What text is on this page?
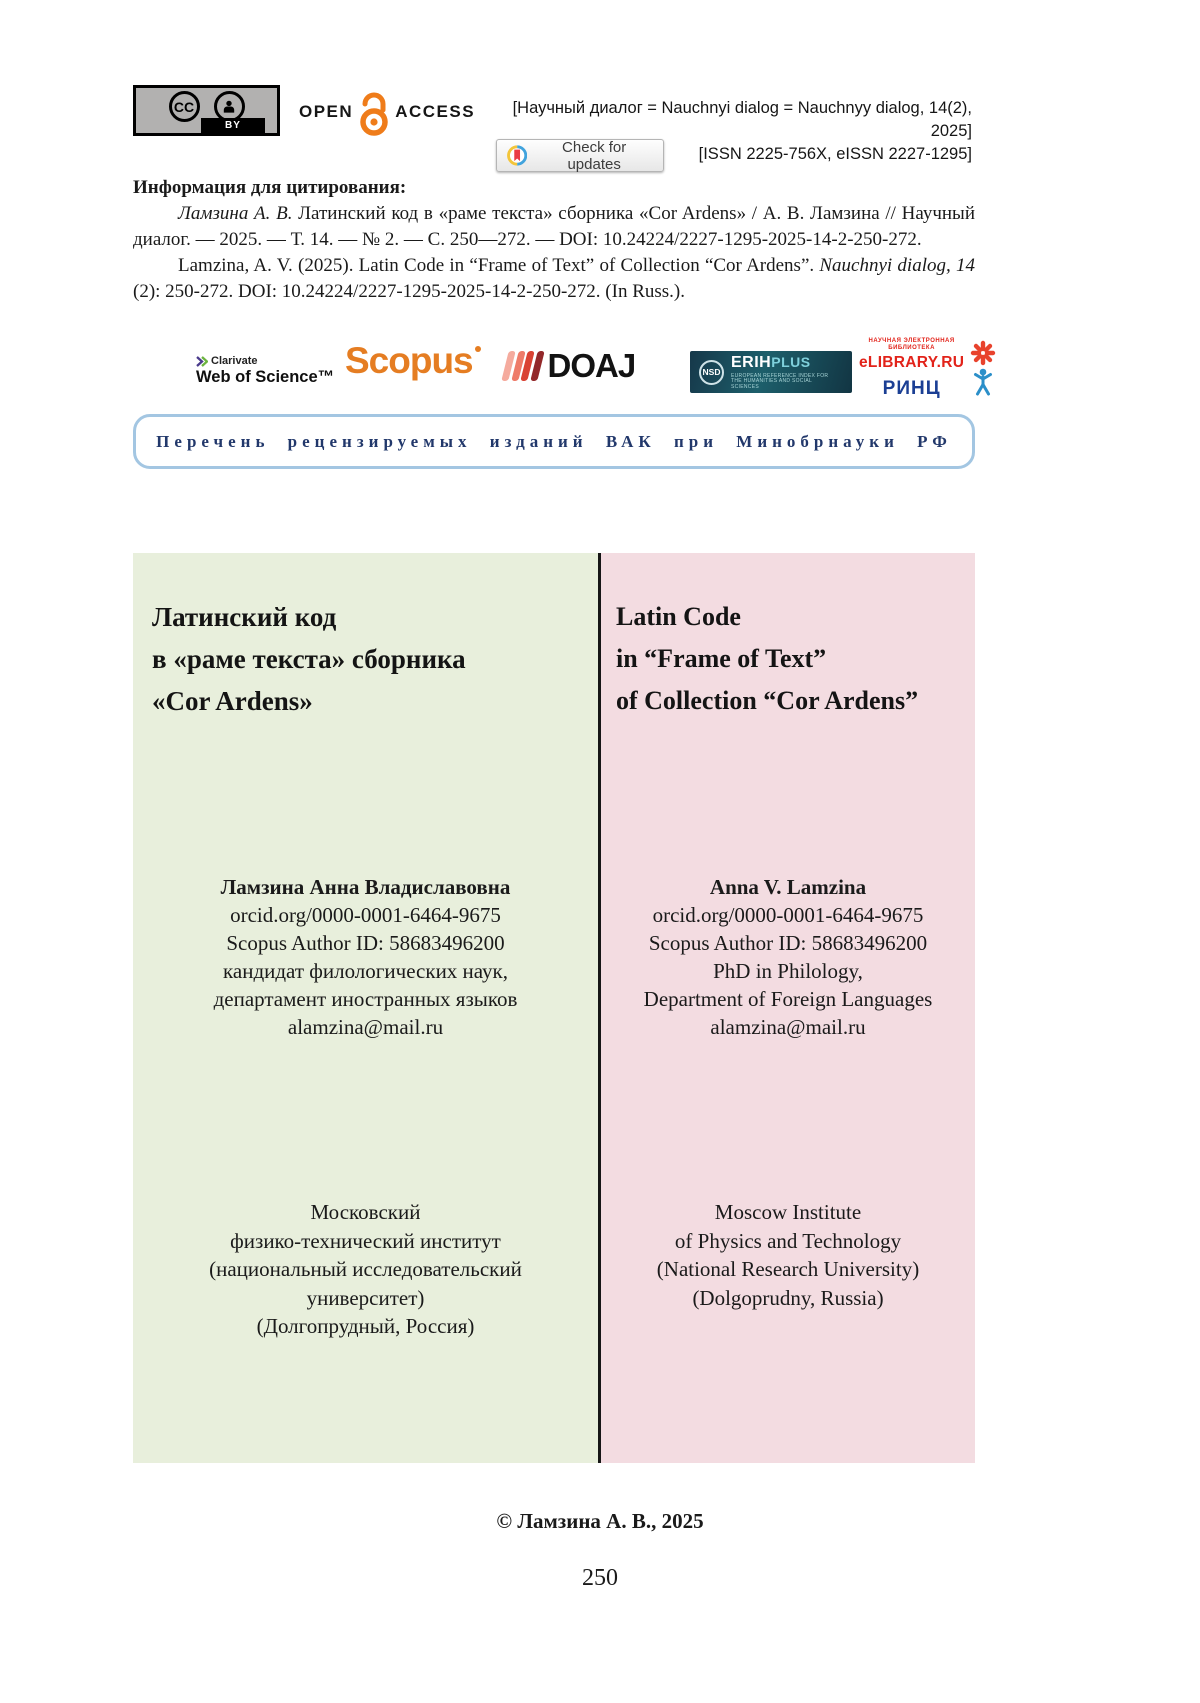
CC
BY
OPEN ACCESS	[Научный диалог = Nauchnyi dialog = Nauchnyy dialog, 14(2), 2025]
[ISSN 2225-756X, eISSN 2227-1295]
Check for updates
Информация для цитирования:

Ламзина А. В. Латинский код в «раме текста» сборника «Cor Ardens» / А. В. Ламзина // Научный диалог. — 2025. — Т. 14. — № 2. — С. 250—272. — DOI: 10.24224/2227-1295-2025-14-2-250-272.

Lamzina, A. V. (2025). Latin Code in “Frame of Text” of Collection “Cor Ardens”. Nauchnyi dialog, 14 (2): 250-272. DOI: 10.24224/2227-1295-2025-14-2-250-272. (In Russ.).

Clarivate
Web of Science™ Scopus DOAJ	NSD
ERIHPLUS
EUROPEAN REFERENCE INDEX FOR THE HUMANITIES AND SOCIAL SCIENCES
НАУЧНАЯ ЭЛЕКТРОННАЯ
БИБЛИОТЕКА
eLIBRARY.RU
РИНЦ
Перечень рецензируемых изданий ВАК при Минобрнауки РФ
Латинский код
в «раме текста» сборника
«Cor Ardens»
Ламзина Анна Владиславовна
orcid.org/0000-0001-6464-9675
Scopus Author ID: 58683496200
кандидат филологических наук,
департамент иностранных языков
alamzina@mail.ru
Московский
физико-технический институт
(национальный исследовательский
университет)
(Долгопрудный, Россия)
Latin Code
in “Frame of Text”
of Collection “Cor Ardens”
Anna V. Lamzina
orcid.org/0000-0001-6464-9675
Scopus Author ID: 58683496200
PhD in Philology,
Department of Foreign Languages
alamzina@mail.ru
Moscow Institute
of Physics and Technology
(National Research University)
(Dolgoprudny, Russia)
© Ламзина А. В., 2025
250
